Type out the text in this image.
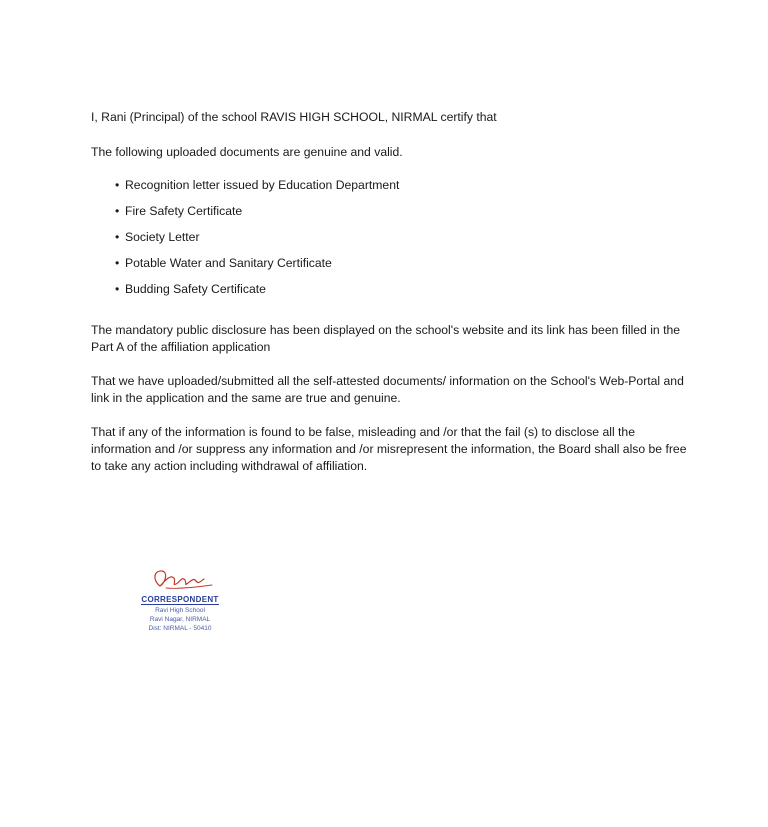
I, Rani (Principal) of the school RAVIS HIGH SCHOOL, NIRMAL certify that

The following uploaded documents are genuine and valid.

• Recognition letter issued by Education Department
• Fire Safety Certificate
• Society Letter
• Potable Water and Sanitary Certificate
• Budding Safety Certificate

The mandatory public disclosure has been displayed on the school's website and its link has been filled in the Part A of the affiliation application

That we have uploaded/submitted all the self-attested documents/ information on the School's Web-Portal and link in the application and the same are true and genuine.

That if any of the information is found to be false, misleading and /or that the fail (s) to disclose all the information and /or suppress any information and /or misrepresent the information, the Board shall also be free to take any action including withdrawal of affiliation.

CORRESPONDENT
Ravi High School
Ravi Nagar, NIRMAL
Dist: NIRMAL - 50410
